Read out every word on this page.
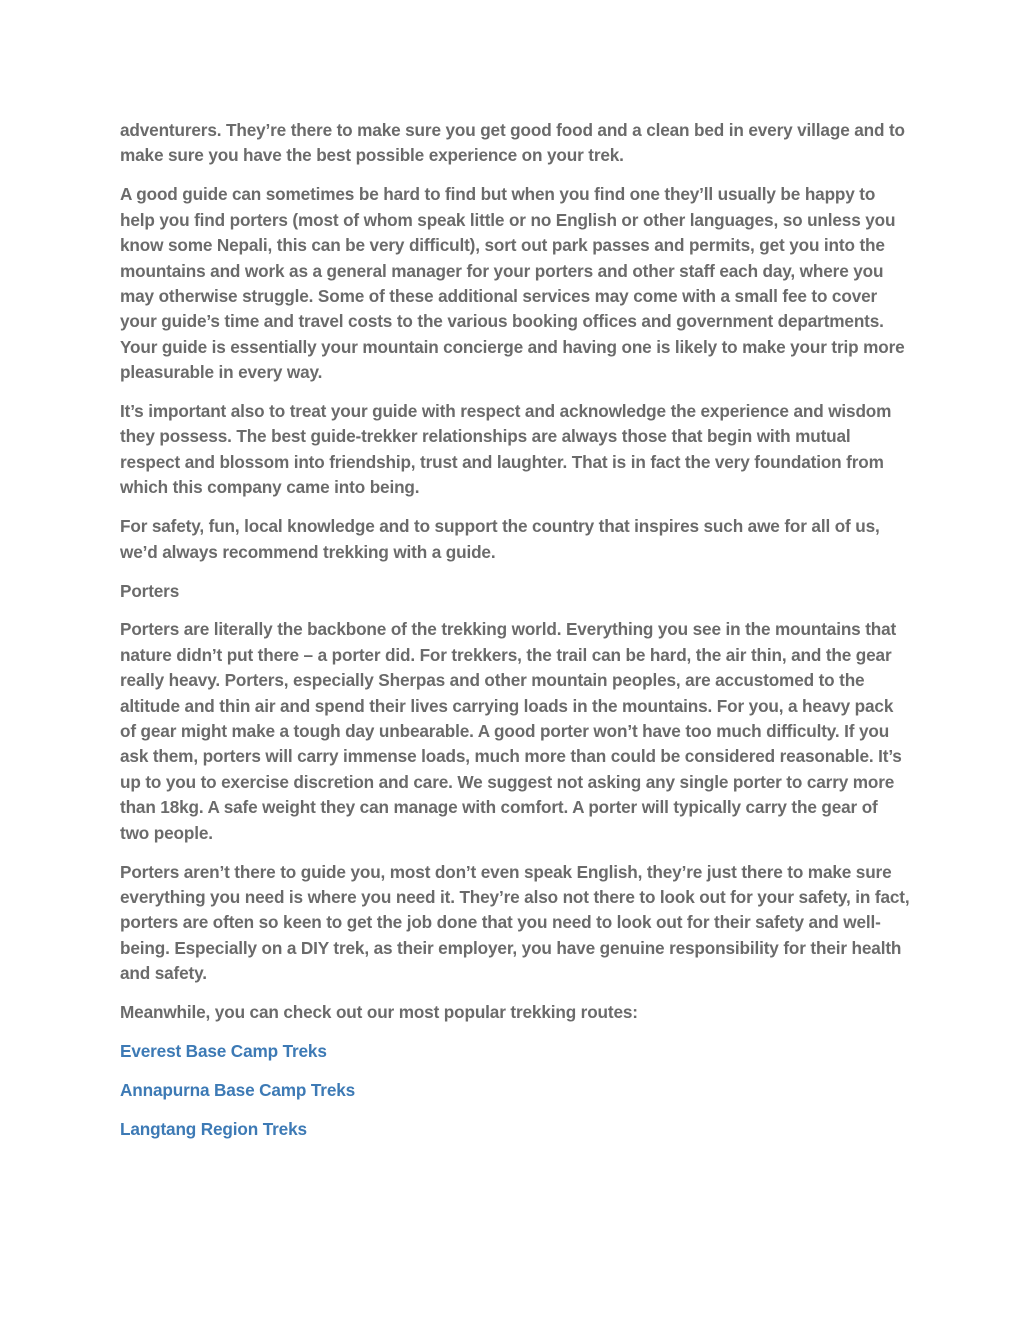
adventurers. They’re there to make sure you get good food and a clean bed in every village and to make sure you have the best possible experience on your trek.

A good guide can sometimes be hard to find but when you find one they’ll usually be happy to help you find porters (most of whom speak little or no English or other languages, so unless you know some Nepali, this can be very difficult), sort out park passes and permits, get you into the mountains and work as a general manager for your porters and other staff each day, where you may otherwise struggle. Some of these additional services may come with a small fee to cover your guide’s time and travel costs to the various booking offices and government departments. Your guide is essentially your mountain concierge and having one is likely to make your trip more pleasurable in every way.

It’s important also to treat your guide with respect and acknowledge the experience and wisdom they possess. The best guide-trekker relationships are always those that begin with mutual respect and blossom into friendship, trust and laughter. That is in fact the very foundation from which this company came into being.

For safety, fun, local knowledge and to support the country that inspires such awe for all of us, we’d always recommend trekking with a guide.

Porters

Porters are literally the backbone of the trekking world. Everything you see in the mountains that nature didn’t put there – a porter did. For trekkers, the trail can be hard, the air thin, and the gear really heavy. Porters, especially Sherpas and other mountain peoples, are accustomed to the altitude and thin air and spend their lives carrying loads in the mountains. For you, a heavy pack of gear might make a tough day unbearable. A good porter won’t have too much difficulty. If you ask them, porters will carry immense loads, much more than could be considered reasonable. It’s up to you to exercise discretion and care. We suggest not asking any single porter to carry more than 18kg. A safe weight they can manage with comfort. A porter will typically carry the gear of two people.

Porters aren’t there to guide you, most don’t even speak English, they’re just there to make sure everything you need is where you need it. They’re also not there to look out for your safety, in fact, porters are often so keen to get the job done that you need to look out for their safety and well-being. Especially on a DIY trek, as their employer, you have genuine responsibility for their health and safety.

Meanwhile, you can check out our most popular trekking routes:

Everest Base Camp Treks

Annapurna Base Camp Treks

Langtang Region Treks
